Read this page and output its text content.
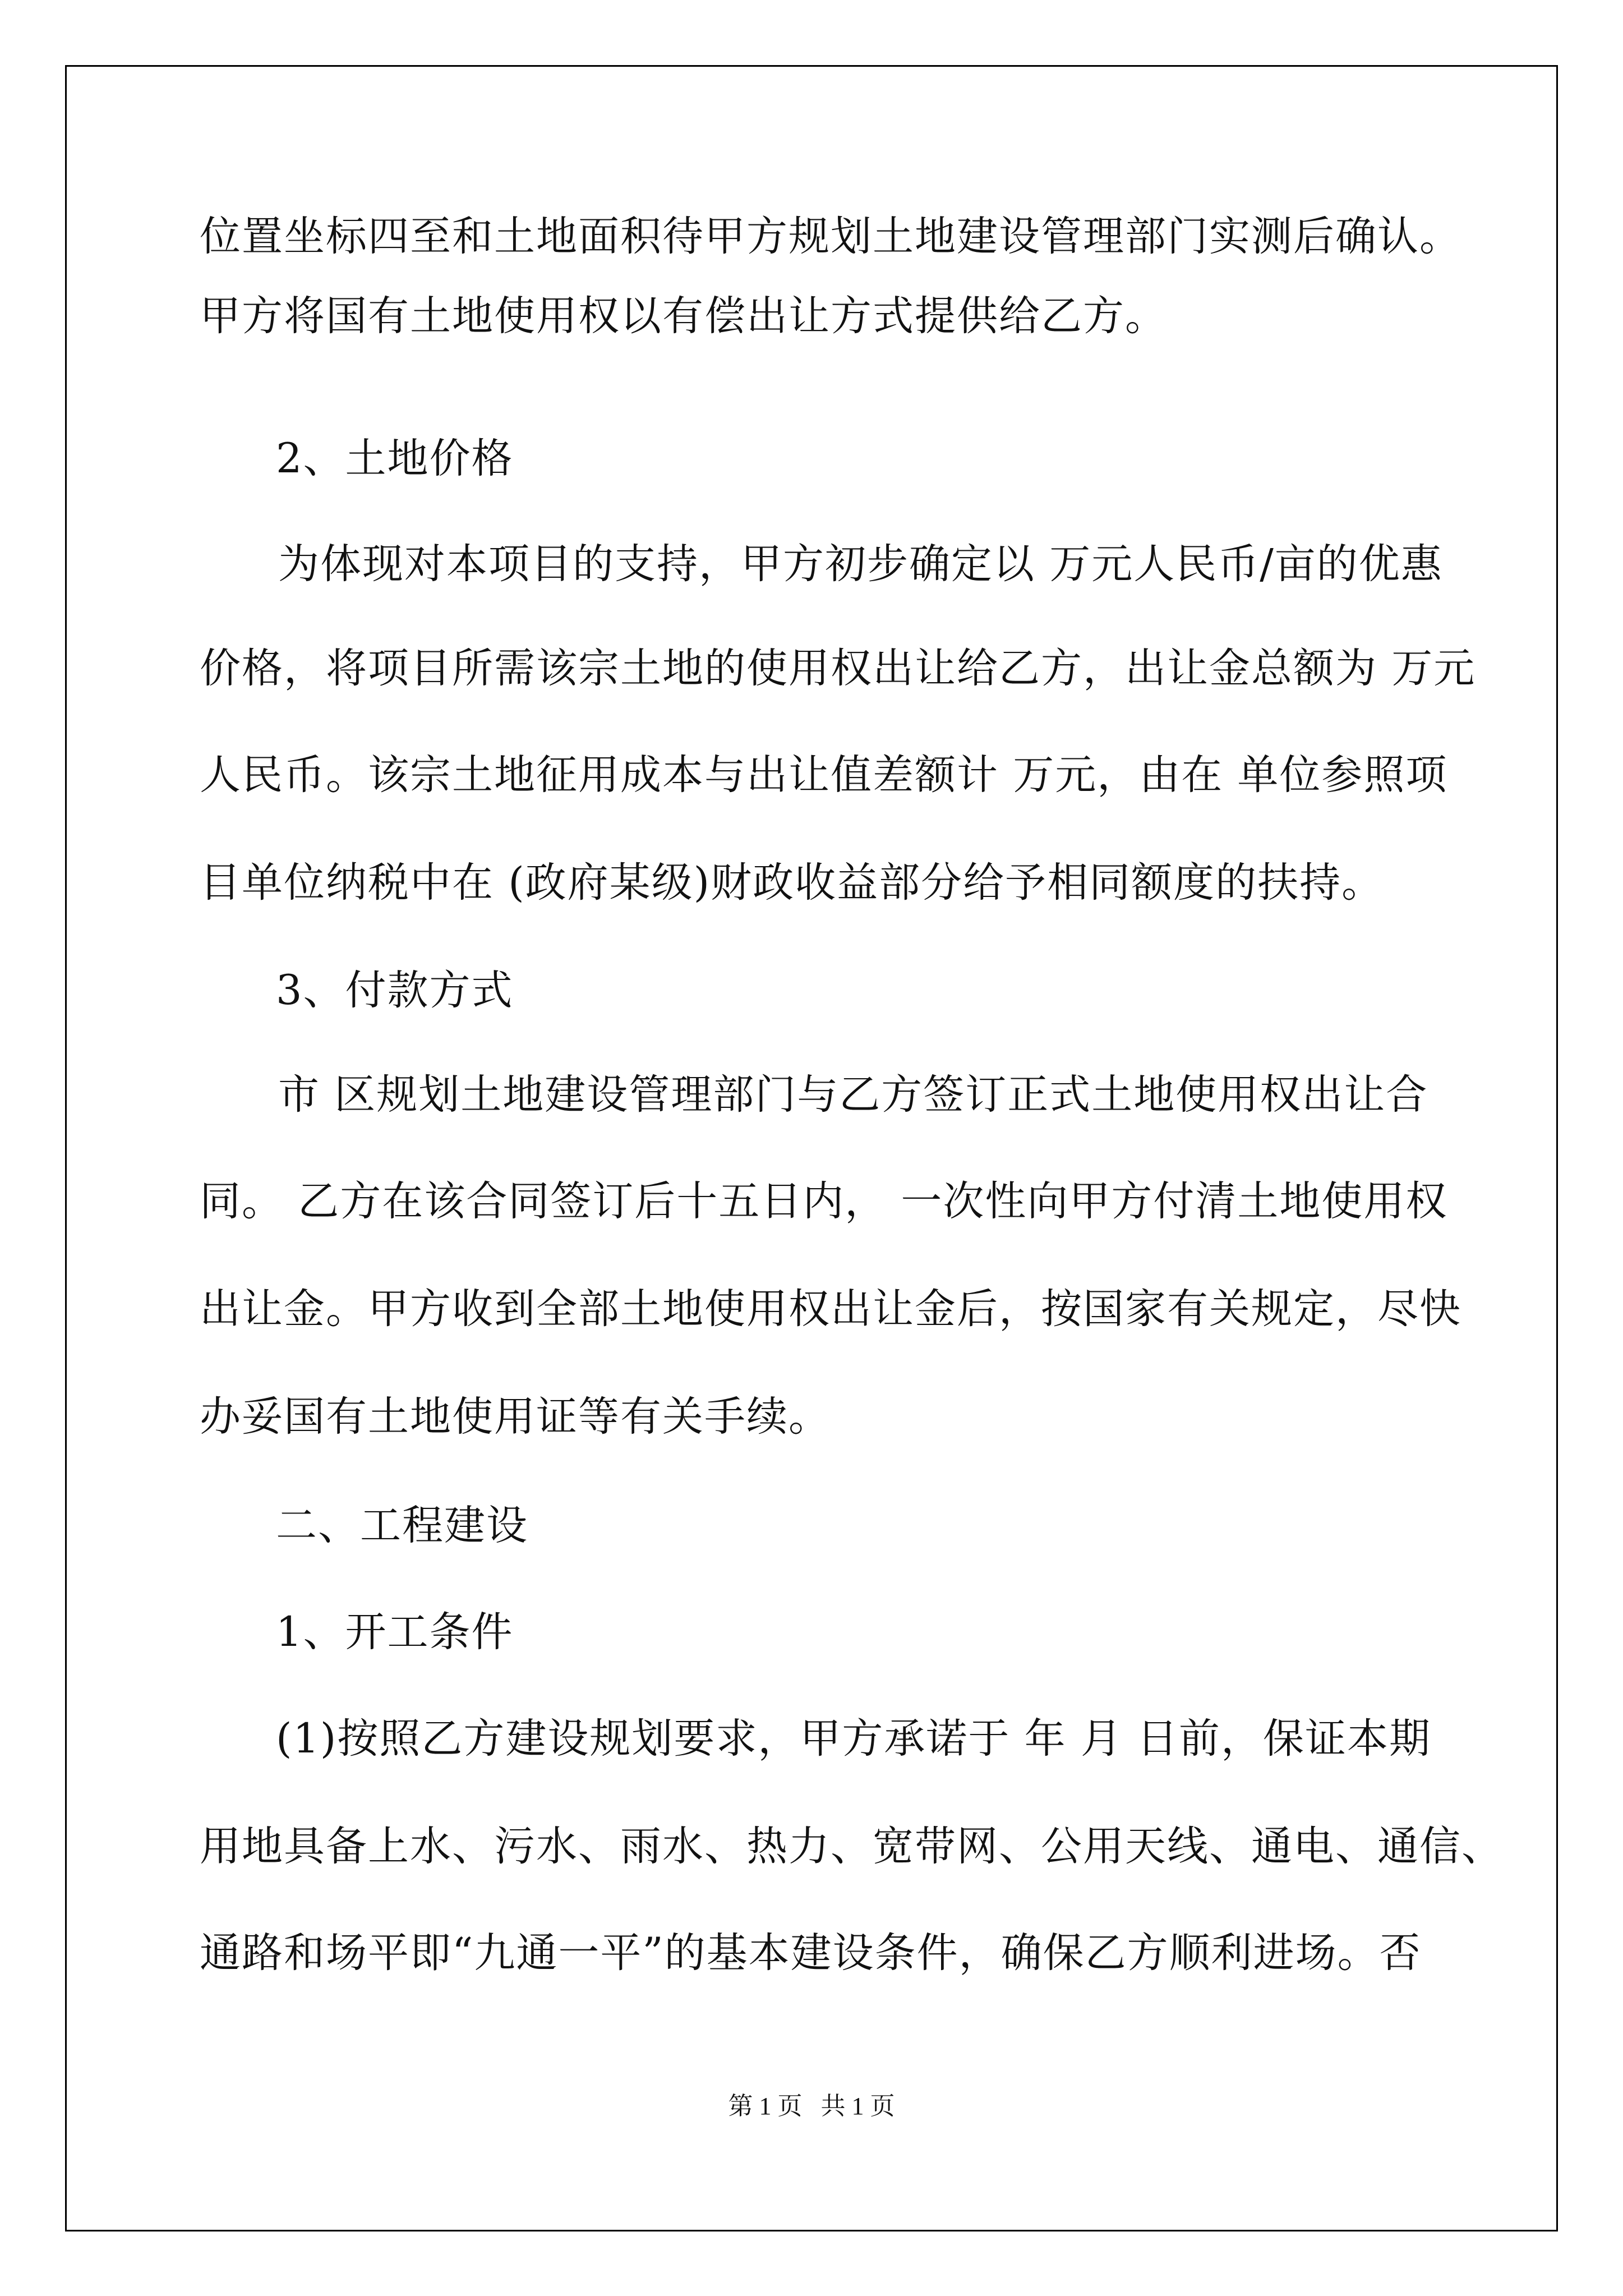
位置坐标四至和土地面积待甲方规划土地建设管理部门实测后确认。
甲方将国有土地使用权以有偿出让方式提供给乙方。
2、土地价格
为体现对本项目的支持，甲方初步确定以 万元人民币/亩的优惠
价格，将项目所需该宗土地的使用权出让给乙方，出让金总额为 万元
人民币。该宗土地征用成本与出让值差额计 万元，由在 单位参照项
目单位纳税中在 (政府某级)财政收益部分给予相同额度的扶持。
3、付款方式
市 区规划土地建设管理部门与乙方签订正式土地使用权出让合
同。 乙方在该合同签订后十五日内， 一次性向甲方付清土地使用权
出让金。甲方收到全部土地使用权出让金后，按国家有关规定，尽快
办妥国有土地使用证等有关手续。
二、工程建设
1、开工条件
(1)按照乙方建设规划要求，甲方承诺于 年 月 日前，保证本期
用地具备上水、污水、雨水、热力、宽带网、公用天线、通电、通信、
通路和场平即“九通一平”的基本建设条件，确保乙方顺利进场。否
第 1 页   共 1 页
